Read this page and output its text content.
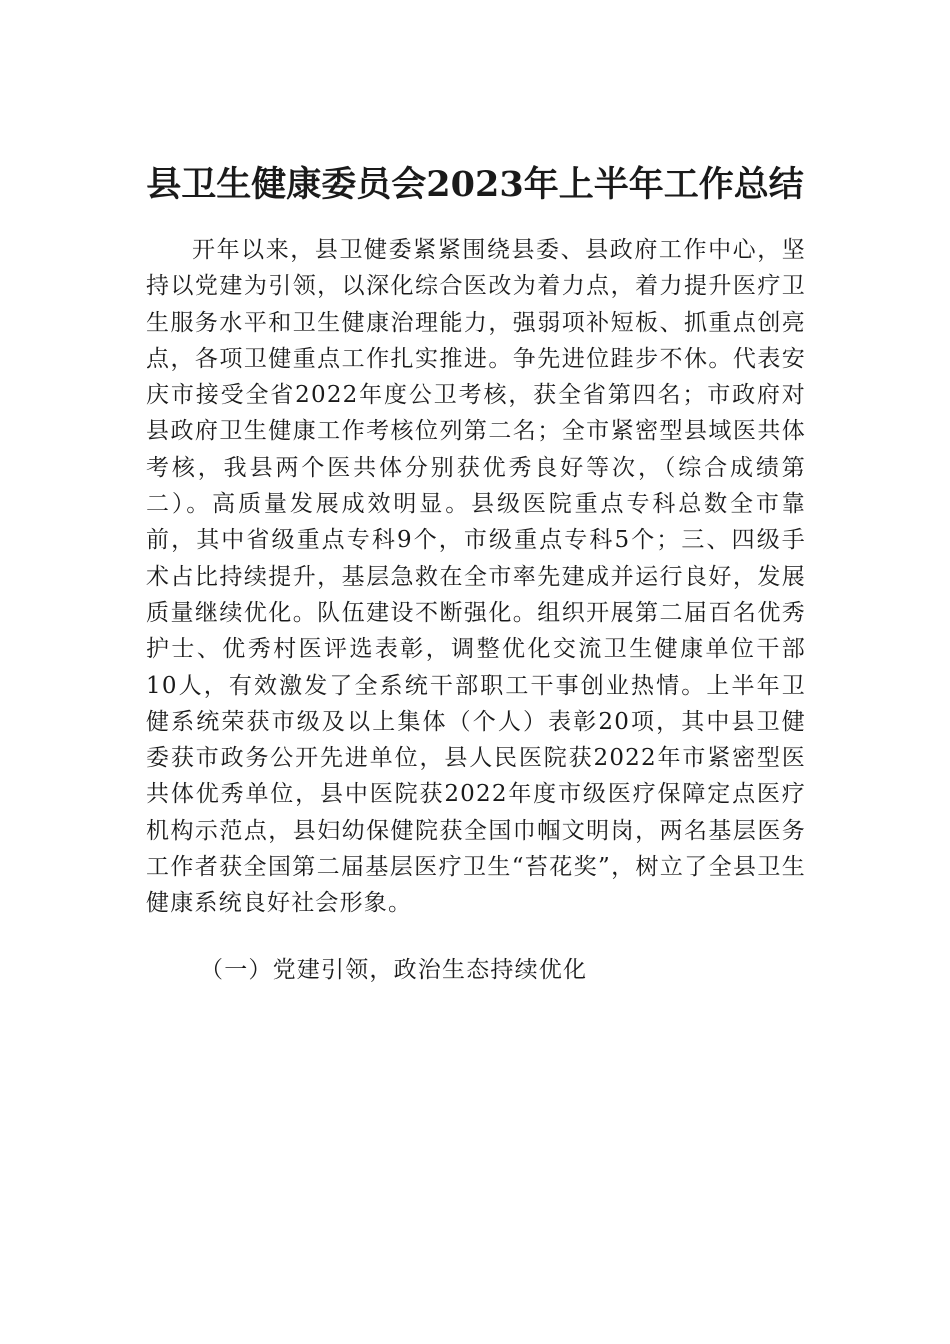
县卫生健康委员会2023年上半年工作总结

开年以来，县卫健委紧紧围绕县委、县政府工作中心，坚持以党建为引领，以深化综合医改为着力点，着力提升医疗卫生服务水平和卫生健康治理能力，强弱项补短板、抓重点创亮点，各项卫健重点工作扎实推进。争先进位跬步不休。代表安庆市接受全省2022年度公卫考核，获全省第四名；市政府对县政府卫生健康工作考核位列第二名；全市紧密型县域医共体考核，我县两个医共体分别获优秀良好等次，（综合成绩第二）。高质量发展成效明显。县级医院重点专科总数全市靠前，其中省级重点专科9个，市级重点专科5个；三、四级手术占比持续提升，基层急救在全市率先建成并运行良好，发展质量继续优化。队伍建设不断强化。组织开展第二届百名优秀护士、优秀村医评选表彰，调整优化交流卫生健康单位干部10人，有效激发了全系统干部职工干事创业热情。上半年卫健系统荣获市级及以上集体（个人）表彰20项，其中县卫健委获市政务公开先进单位，县人民医院获2022年市紧密型医共体优秀单位，县中医院获2022年度市级医疗保障定点医疗机构示范点，县妇幼保健院获全国巾帼文明岗，两名基层医务工作者获全国第二届基层医疗卫生“苔花奖”，树立了全县卫生健康系统良好社会形象。

（一）党建引领，政治生态持续优化
